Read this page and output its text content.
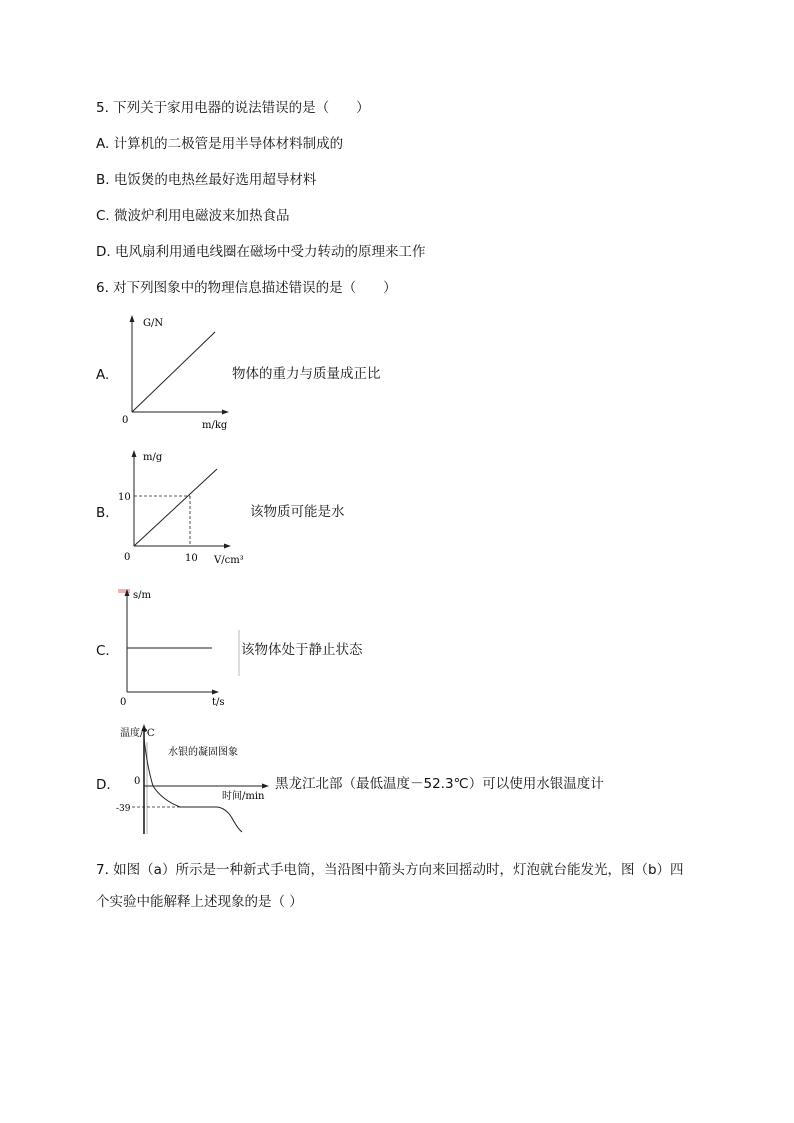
5. 下列关于家用电器的说法错误的是（　　）
A. 计算机的二极管是用半导体材料制成的
B. 电饭煲的电热丝最好选用超导材料
C. 微波炉利用电磁波来加热食品
D. 电风扇利用通电线圈在磁场中受力转动的原理来工作
6. 对下列图象中的物理信息描述错误的是（　　）
A.
G/N
m/kg
0
物体的重力与质量成正比
B.
m/g
10
10 V/cm³
0
该物质可能是水
C.
s/m
t/s
0
该物体处于静止状态
D.
温度/℃
水银的凝固图象
0
-39
时间/min
黑龙江北部（最低温度－52.3℃）可以使用水银温度计
7. 如图（a）所示是一种新式手电筒，当沿图中箭头方向来回摇动时，灯泡就台能发光，图（b）四
个实验中能解释上述现象的是（ ）
